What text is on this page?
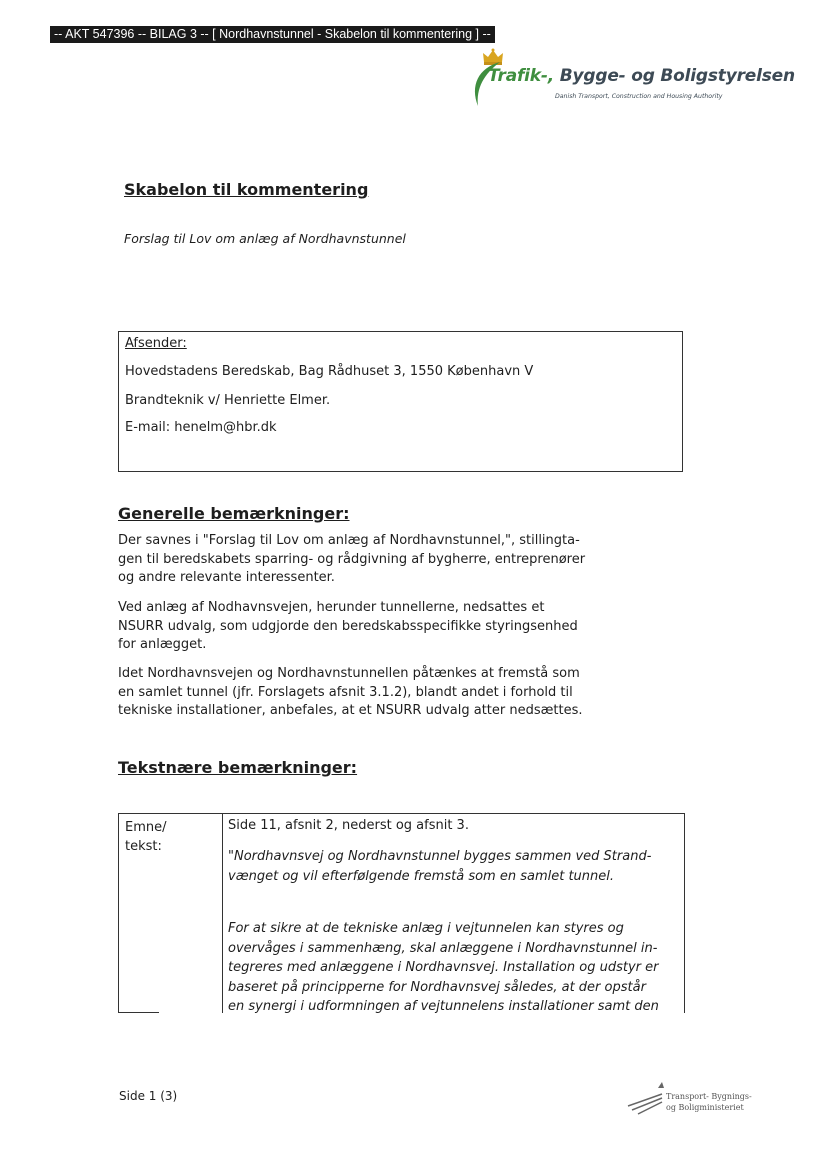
-- AKT 547396 -- BILAG 3 -- [ Nordhavnstunnel - Skabelon til kommentering ] --
Trafik-, Bygge- og Boligstyrelsen
Danish Transport, Construction and Housing Authority
Skabelon til kommentering
Forslag til Lov om anlæg af Nordhavnstunnel
Afsender:
Hovedstadens Beredskab, Bag Rådhuset 3, 1550 København V
Brandteknik v/ Henriette Elmer.
E-mail: henelm@hbr.dk
Generelle bemærkninger:
Der savnes i "Forslag til Lov om anlæg af Nordhavnstunnel,", stillingta-
gen til beredskabets sparring- og rådgivning af bygherre, entreprenører
og andre relevante interessenter.
Ved anlæg af Nodhavnsvejen, herunder tunnellerne, nedsattes et
NSURR udvalg, som udgjorde den beredskabsspecifikke styringsenhed
for anlægget.
Idet Nordhavnsvejen og Nordhavnstunnellen påtænkes at fremstå som
en samlet tunnel (jfr. Forslagets afsnit 3.1.2), blandt andet i forhold til
tekniske installationer, anbefales, at et NSURR udvalg atter nedsættes.
Tekstnære bemærkninger:
Emne/
tekst:
Side 11, afsnit 2, nederst og afsnit 3.
"Nordhavnsvej og Nordhavnstunnel bygges sammen ved Strand-
vænget og vil efterfølgende fremstå som en samlet tunnel.
For at sikre at de tekniske anlæg i vejtunnelen kan styres og
overvåges i sammenhæng, skal anlæggene i Nordhavnstunnel in-
tegreres med anlæggene i Nordhavnsvej. Installation og udstyr er
baseret på principperne for Nordhavnsvej således, at der opstår
en synergi i udformningen af vejtunnelens installationer samt den
Side 1 (3)	Transport- Bygnings-
og Boligministeriet
